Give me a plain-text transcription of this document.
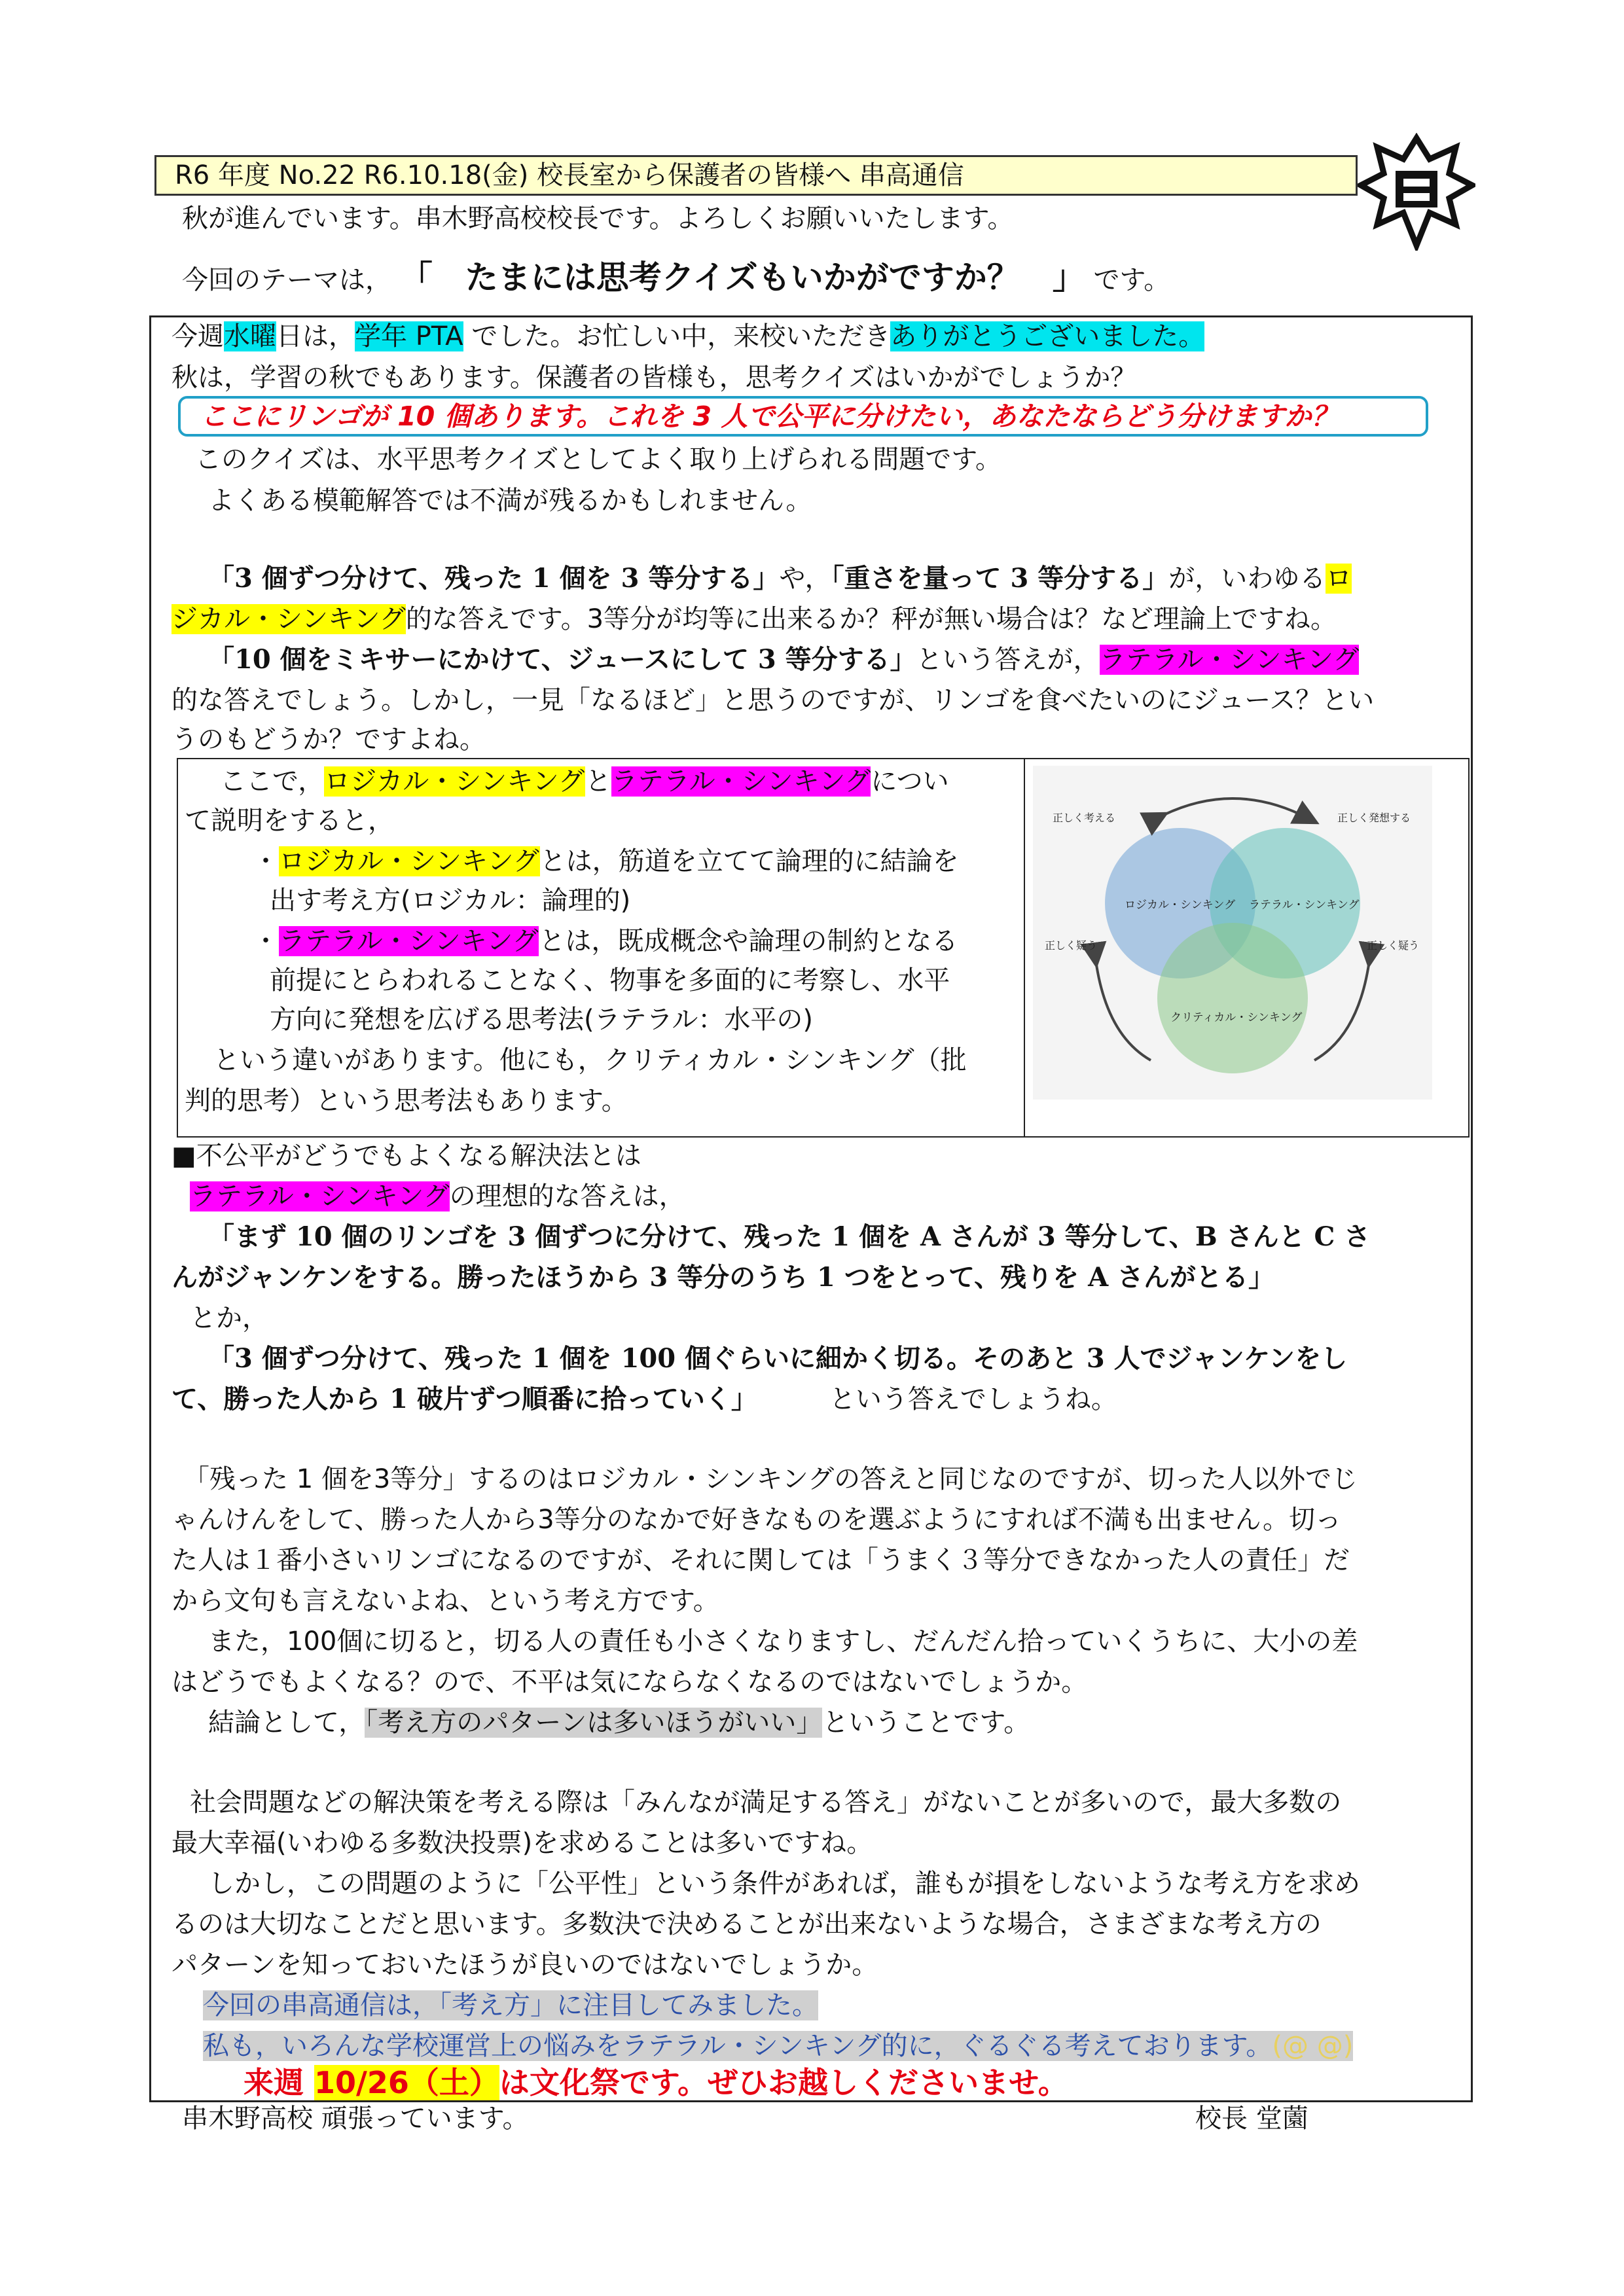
R6 年度 No.22 R6.10.18(金) 校長室から保護者の皆様へ 串高通信
秋が進んでいます。串木野高校校長です。よろしくお願いいたします。
今回のテーマは， 「　たまには思考クイズもいかがですか？　」 です。
今週水曜日は，学年 PTA でした。お忙しい中，来校いただきありがとうございました。
秋は，学習の秋でもあります。保護者の皆様も，思考クイズはいかがでしょうか？
ここにリンゴが 10 個あります。これを 3 人で公平に分けたい，あなたならどう分けますか？
このクイズは、水平思考クイズとしてよく取り上げられる問題です。
よくある模範解答では不満が残るかもしれません。
「3 個ずつ分けて、残った 1 個を 3 等分する」や，「重さを量って 3 等分する」が，いわゆるロ
ジカル・シンキング的な答えです。3等分が均等に出来るか？秤が無い場合は？など理論上ですね。
「10 個をミキサーにかけて、ジュースにして 3 等分する」という答えが，ラテラル・シンキング
的な答えでしょう。しかし，一見「なるほど」と思うのですが、リンゴを食べたいのにジュース？とい
うのもどうか？ですよね。
ここで，ロジカル・シンキングとラテラル・シンキングについ
て説明をすると，
・ロジカル・シンキングとは，筋道を立てて論理的に結論を
出す考え方(ロジカル：論理的)
・ラテラル・シンキングとは，既成概念や論理の制約となる
前提にとらわれることなく、物事を多面的に考察し、水平
方向に発想を広げる思考法(ラテラル：水平の)
という違いがあります。他にも，クリティカル・シンキング（批
判的思考）という思考法もあります。
正しく考える	正しく発想する
正しく疑う	正しく疑う
ロジカル・シンキング ラテラル・シンキング
クリティカル・シンキング
■不公平がどうでもよくなる解決法とは
ラテラル・シンキングの理想的な答えは，
「まず 10 個のリンゴを 3 個ずつに分けて、残った 1 個を A さんが 3 等分して、B さんと C さ
んがジャンケンをする。勝ったほうから 3 等分のうち 1 つをとって、残りを A さんがとる」
とか，
「3 個ずつ分けて、残った 1 個を 100 個ぐらいに細かく切る。そのあと 3 人でジャンケンをし
て、勝った人から 1 破片ずつ順番に拾っていく」	という答えでしょうね。
「残った 1 個を3等分」するのはロジカル・シンキングの答えと同じなのですが、切った人以外でじ
ゃんけんをして、勝った人から3等分のなかで好きなものを選ぶようにすれば不満も出ません。切っ
た人は１番小さいリンゴになるのですが、それに関しては「うまく３等分できなかった人の責任」だ
から文句も言えないよね、という考え方です。
また，100個に切ると，切る人の責任も小さくなりますし、だんだん拾っていくうちに、大小の差
はどうでもよくなる？ので、不平は気にならなくなるのではないでしょうか。
結論として，「考え方のパターンは多いほうがいい」ということです。
社会問題などの解決策を考える際は「みんなが満足する答え」がないことが多いので，最大多数の
最大幸福(いわゆる多数決投票)を求めることは多いですね。
しかし，この問題のように「公平性」という条件があれば，誰もが損をしないような考え方を求め
るのは大切なことだと思います。多数決で決めることが出来ないような場合，さまざまな考え方の
パターンを知っておいたほうが良いのではないでしょうか。
今回の串高通信は，「考え方」に注目してみました。
私も，いろんな学校運営上の悩みをラテラル・シンキング的に，ぐるぐる考えております。(@ @)
来週 10/26（土）は文化祭です。ぜひお越しくださいませ。
串木野高校 頑張っています。	校長 堂薗
